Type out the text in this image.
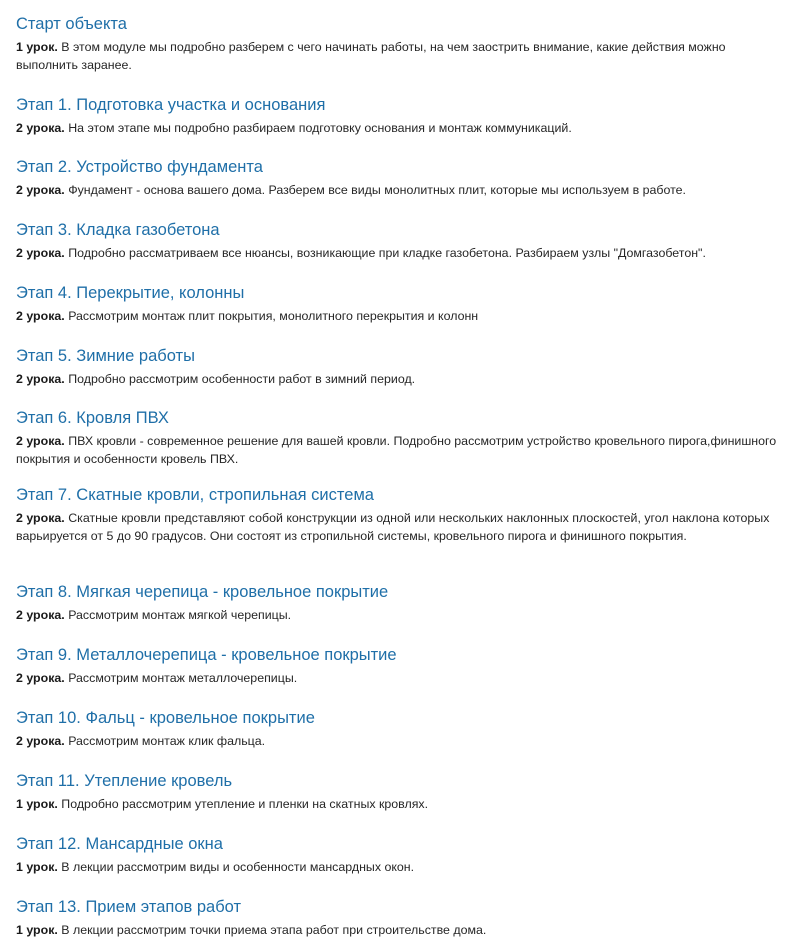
Старт объекта
1 урок. В этом модуле мы подробно разберем с чего начинать работы, на чем заострить внимание, какие действия можно выполнить заранее.
Этап 1. Подготовка участка и основания
2 урока. На этом этапе мы подробно разбираем подготовку основания и монтаж коммуникаций.
Этап 2. Устройство фундамента
2 урока. Фундамент - основа вашего дома. Разберем все виды монолитных плит, которые мы используем в работе.
Этап 3. Кладка газобетона
2 урока. Подробно рассматриваем все нюансы, возникающие при кладке газобетона. Разбираем узлы "Домгазобетон".
Этап 4. Перекрытие, колонны
2 урока. Рассмотрим монтаж плит покрытия, монолитного перекрытия и колонн
Этап 5. Зимние работы
2 урока. Подробно рассмотрим особенности работ в зимний период.
Этап 6. Кровля ПВХ
2 урока. ПВХ кровли - современное решение для вашей кровли. Подробно рассмотрим устройство кровельного пирога,финишного покрытия и особенности кровель ПВХ.
Этап 7. Скатные кровли, стропильная система
2 урока. Скатные кровли представляют собой конструкции из одной или нескольких наклонных плоскостей, угол наклона которых варьируется от 5 до 90 градусов. Они состоят из стропильной системы, кровельного пирога и финишного покрытия.
Этап 8. Мягкая черепица - кровельное покрытие
2 урока. Рассмотрим монтаж мягкой черепицы.
Этап 9. Металлочерепица - кровельное покрытие
2 урока. Рассмотрим монтаж металлочерепицы.
Этап 10. Фальц - кровельное покрытие
2 урока. Рассмотрим монтаж клик фальца.
Этап 11. Утепление кровель
1 урок. Подробно рассмотрим утепление и пленки на скатных кровлях.
Этап 12. Мансардные окна
1 урок. В лекции рассмотрим виды и особенности мансардных окон.
Этап 13. Прием этапов работ
1 урок. В лекции рассмотрим точки приема этапа работ при строительстве дома.
